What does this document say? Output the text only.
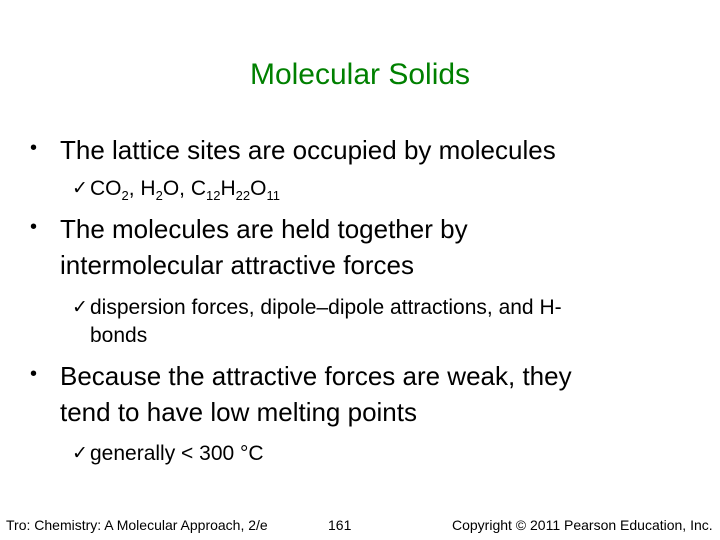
Molecular Solids
• The lattice sites are occupied by molecules
✓ $CO_2$, $H_2O$, $C_{12}H_{22}O_{11}$
• The molecules are held together by
intermolecular attractive forces
✓ dispersion forces, dipole–dipole attractions, and H-
bonds
• Because the attractive forces are weak, they
tend to have low melting points
✓ generally < 300 °C
Tro: Chemistry: A Molecular Approach, 2/e	161	Copyright © 2011 Pearson Education, Inc.
